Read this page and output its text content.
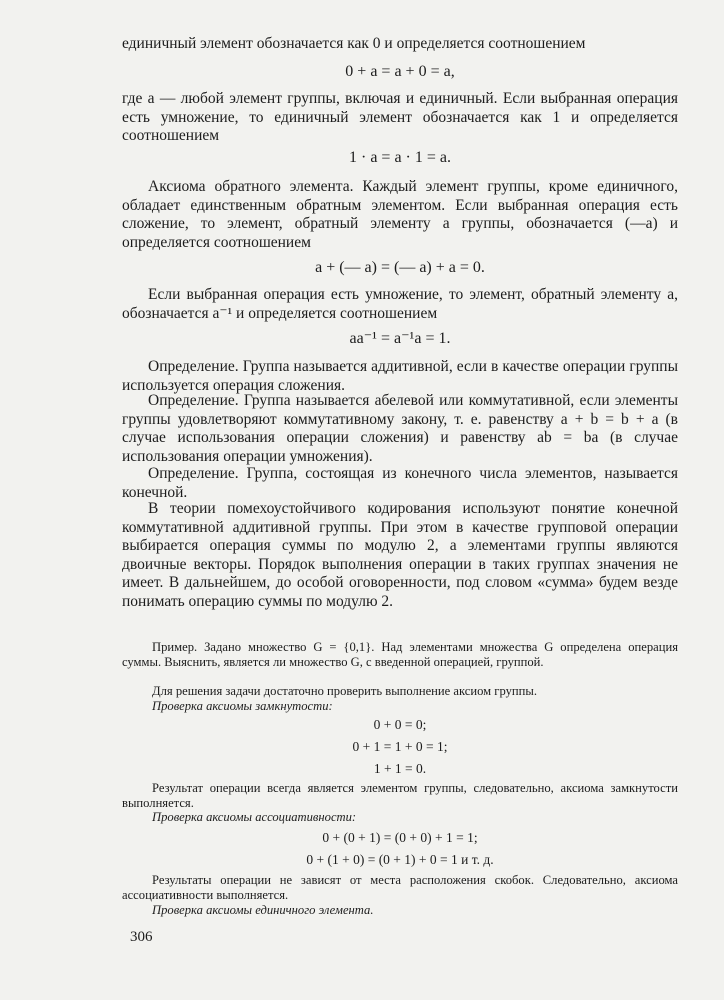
единичный элемент обозначается как 0 и определяется соотношением

0 + a = a + 0 = a,

где a — любой элемент группы, включая и единичный. Если выбранная операция есть умножение, то единичный элемент обозначается как 1 и определяется соотношением

1 · a = a · 1 = a.

Аксиома обратного элемента. Каждый элемент группы, кроме единичного, обладает единственным обратным элементом. Если выбранная операция есть сложение, то элемент, обратный элементу a группы, обозначается (—a) и определяется соотношением

a + (— a) = (— a) + a = 0.

Если выбранная операция есть умножение, то элемент, обратный элементу a, обозначается a⁻¹ и определяется соотношением

aa⁻¹ = a⁻¹a = 1.

Определение. Группа называется аддитивной, если в качестве операции группы используется операция сложения.

Определение. Группа называется абелевой или коммутативной, если элементы группы удовлетворяют коммутативному закону, т. е. равенству a + b = b + a (в случае использования операции сложения) и равенству ab = ba (в случае использования операции умножения).

Определение. Группа, состоящая из конечного числа элементов, называется конечной.

В теории помехоустойчивого кодирования используют понятие конечной коммутативной аддитивной группы. При этом в качестве групповой операции выбирается операция суммы по модулю 2, а элементами группы являются двоичные векторы. Порядок выполнения операции в таких группах значения не имеет. В дальнейшем, до особой оговоренности, под словом «сумма» будем везде понимать операцию суммы по модулю 2.

Пример. Задано множество G = {0,1}. Над элементами множества G определена операция суммы. Выяснить, является ли множество G, с введенной операцией, группой.

Для решения задачи достаточно проверить выполнение аксиом группы.

Проверка аксиомы замкнутости:

0 + 0 = 0;

0 + 1 = 1 + 0 = 1;

1 + 1 = 0.

Результат операции всегда является элементом группы, следовательно, аксиома замкнутости выполняется.

Проверка аксиомы ассоциативности:

0 + (0 + 1) = (0 + 0) + 1 = 1;

0 + (1 + 0) = (0 + 1) + 0 = 1 и т. д.

Результаты операции не зависят от места расположения скобок. Следовательно, аксиома ассоциативности выполняется.

Проверка аксиомы единичного элемента.

306
